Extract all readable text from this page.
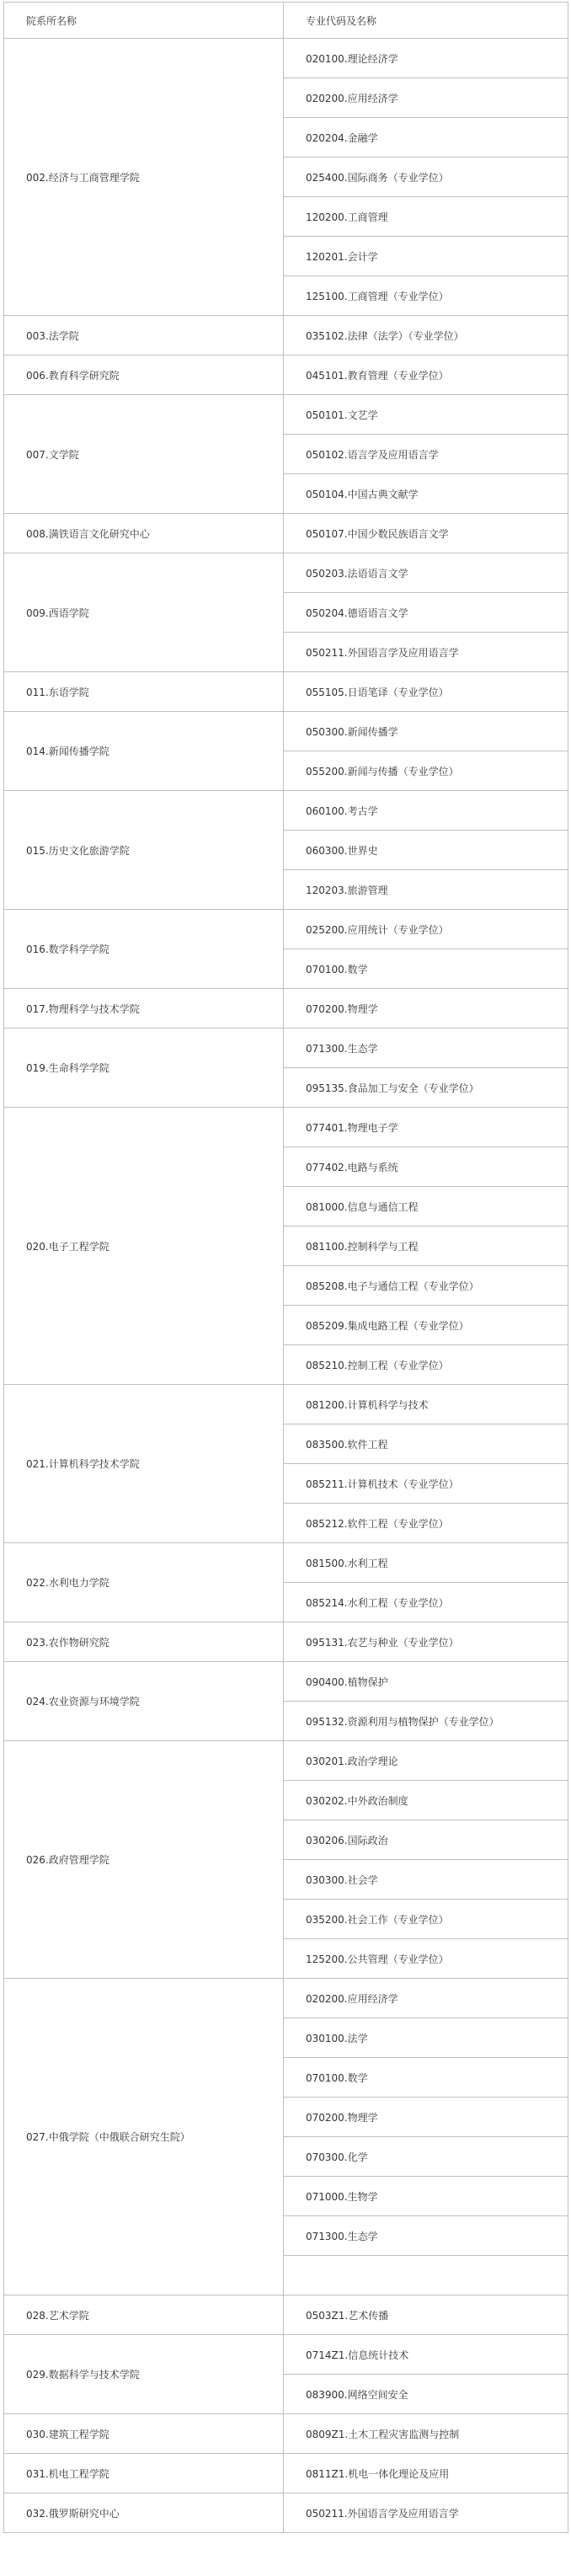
院系所名称	专业代码及名称
002.经济与工商管理学院	020100.理论经济学
	020200.应用经济学
	020204.金融学
	025400.国际商务（专业学位）
	120200.工商管理
	120201.会计学
	125100.工商管理（专业学位）
003.法学院	035102.法律（法学）（专业学位）
006.教育科学研究院	045101.教育管理（专业学位）
007.文学院	050101.文艺学
	050102.语言学及应用语言学
	050104.中国古典文献学
008.满铁语言文化研究中心	050107.中国少数民族语言文学
009.西语学院	050203.法语语言文学
	050204.德语语言文学
	050211.外国语言学及应用语言学
011.东语学院	055105.日语笔译（专业学位）
014.新闻传播学院	050300.新闻传播学
	055200.新闻与传播（专业学位）
015.历史文化旅游学院	060100.考古学
	060300.世界史
	120203.旅游管理
016.数学科学学院	025200.应用统计（专业学位）
	070100.数学
017.物理科学与技术学院	070200.物理学
019.生命科学学院	071300.生态学
	095135.食品加工与安全（专业学位）
020.电子工程学院	077401.物理电子学
	077402.电路与系统
	081000.信息与通信工程
	081100.控制科学与工程
	085208.电子与通信工程（专业学位）
	085209.集成电路工程（专业学位）
	085210.控制工程（专业学位）
021.计算机科学技术学院	081200.计算机科学与技术
	083500.软件工程
	085211.计算机技术（专业学位）
	085212.软件工程（专业学位）
022.水利电力学院	081500.水利工程
	085214.水利工程（专业学位）
023.农作物研究院	095131.农艺与种业（专业学位）
024.农业资源与环境学院	090400.植物保护
	095132.资源利用与植物保护（专业学位）
026.政府管理学院	030201.政治学理论
	030202.中外政治制度
	030206.国际政治
	030300.社会学
	035200.社会工作（专业学位）
	125200.公共管理（专业学位）
027.中俄学院（中俄联合研究生院）	020200.应用经济学
	030100.法学
	070100.数学
	070200.物理学
	070300.化学
	071000.生物学
	071300.生态学

028.艺术学院	0503Z1.艺术传播
029.数据科学与技术学院	0714Z1.信息统计技术
	083900.网络空间安全
030.建筑工程学院	0809Z1.土木工程灾害监测与控制
031.机电工程学院	0811Z1.机电一体化理论及应用
032.俄罗斯研究中心	050211.外国语言学及应用语言学
